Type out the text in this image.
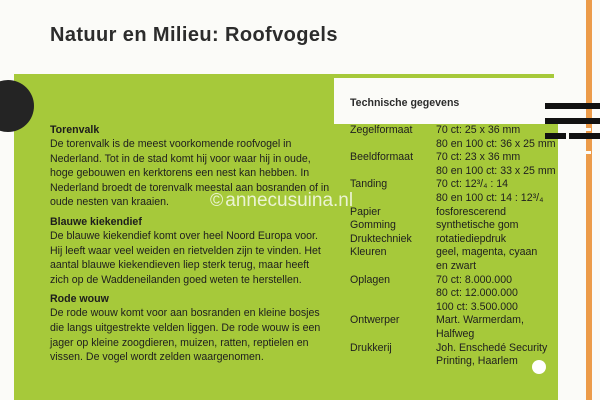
Natuur en Milieu: Roofvogels
Technische gegevens
Torenvalk

De torenvalk is de meest voorkomende roofvogel in Nederland. Tot in de stad komt hij voor waar hij in oude, hoge gebouwen en kerktorens een nest kan hebben. In Nederland broedt de torenvalk meestal aan bosranden of in oude nesten van kraaien.

Blauwe kiekendief

De blauwe kiekendief komt over heel Noord Europa voor. Hij leeft waar veel weiden en rietvelden zijn te vinden. Het aantal blauwe kiekendieven liep sterk terug, maar heeft zich op de Waddeneilanden goed weten te herstellen.

Rode wouw

De rode wouw komt voor aan bosranden en kleine bosjes die langs uitgestrekte velden liggen. De rode wouw is een jager op kleine zoogdieren, muizen, ratten, reptielen en vissen. De vogel wordt zelden waargenomen.

Zegelformaat	70 ct: 25 x 36 mm
	80 en 100 ct: 36 x 25 mm
Beeldformaat	70 ct: 23 x 36 mm
	80 en 100 ct: 33 x 25 mm
Tanding	70 ct: 12³/₄ : 14
	80 en 100 ct: 14 : 12³/₄
Papier	fosforescerend
Gomming	synthetische gom
Druktechniek	rotatiediepdruk
Kleuren	geel, magenta, cyaan
	en zwart
Oplagen	70 ct: 8.000.000
	80 ct: 12.000.000
	100 ct: 3.500.000
Ontwerper	Mart. Warmerdam,
	Halfweg
Drukkerij	Joh. Enschedé Security
	Printing, Haarlem
© annecusuina.nl
